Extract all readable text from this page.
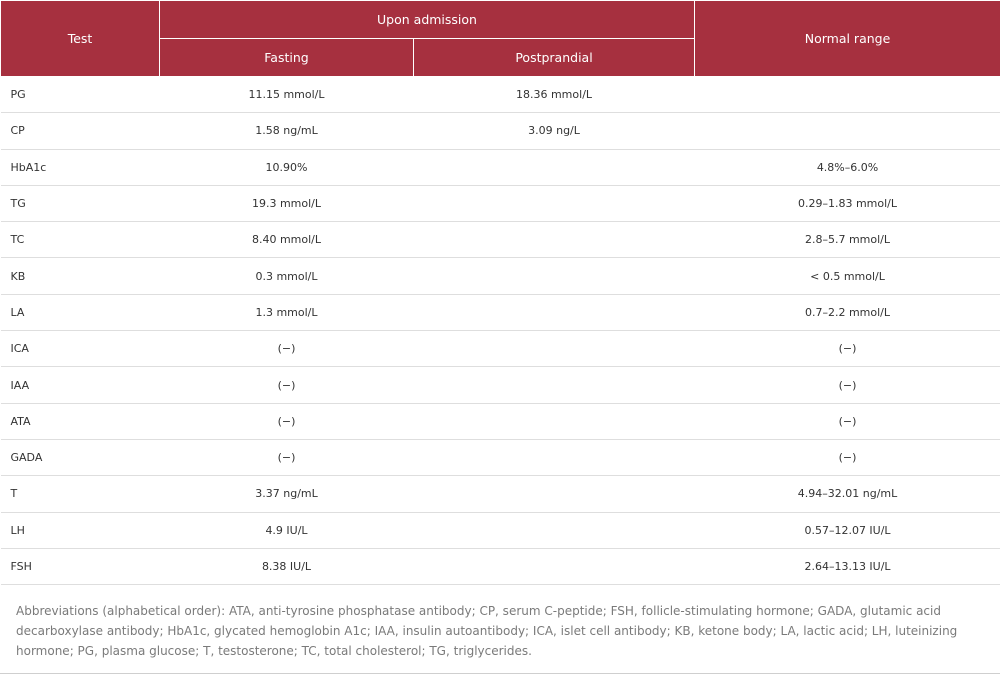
Test	Upon admission		Normal range
	Fasting	Postprandial	
PG	11.15 mmol/L	18.36 mmol/L	
CP	1.58 ng/mL	3.09 ng/L	
HbA1c	10.90%		4.8%–6.0%
TG	19.3 mmol/L		0.29–1.83 mmol/L
TC	8.40 mmol/L		2.8–5.7 mmol/L
KB	0.3 mmol/L		< 0.5 mmol/L
LA	1.3 mmol/L		0.7–2.2 mmol/L
ICA	(−)		(−)
IAA	(−)		(−)
ATA	(−)		(−)
GADA	(−)		(−)
T	3.37 ng/mL		4.94–32.01 ng/mL
LH	4.9 IU/L		0.57–12.07 IU/L
FSH	8.38 IU/L		2.64–13.13 IU/L
Abbreviations (alphabetical order): ATA, anti-tyrosine phosphatase antibody; CP, serum C-peptide; FSH, follicle-stimulating hormone; GADA, glutamic acid decarboxylase antibody; HbA1c, glycated hemoglobin A1c; IAA, insulin autoantibody; ICA, islet cell antibody; KB, ketone body; LA, lactic acid; LH, luteinizing hormone; PG, plasma glucose; T, testosterone; TC, total cholesterol; TG, triglycerides.
